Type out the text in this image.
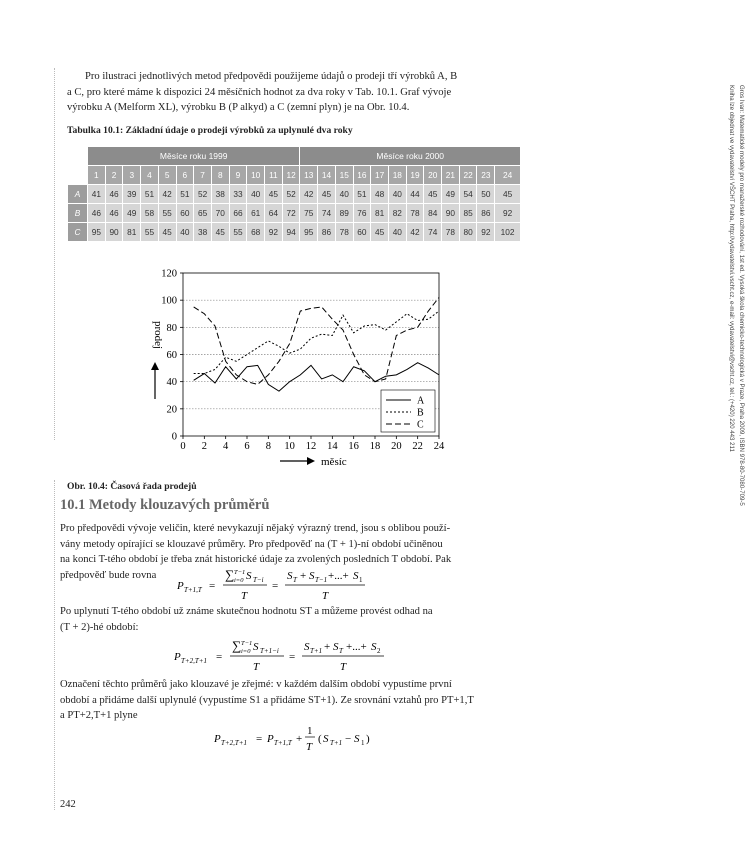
Pro ilustraci jednotlivých metod předpovědi použijeme údajů o prodeji tří výrobků A, B

a C, pro které máme k dispozici 24 měsíčních hodnot za dva roky v Tab. 10.1. Graf vývoje

výrobku A (Melform XL), výrobku B (P alkyd) a C (zemní plyn) je na Obr. 10.4.

Tabulka 10.1: Základní údaje o prodeji výrobků za uplynulé dva roky
	Měsíce roku 1999												Měsíce roku 2000											
	1	2	3	4	5	6	7	8	9	10	11	12	13	14	15	16	17	18	19	20	21	22	23	24
A	41	46	39	51	42	51	52	38	33	40	45	52	42	45	40	51	48	40	44	45	49	54	50	45
B	46	46	49	58	55	60	65	70	66	61	64	72	75	74	89	76	81	82	78	84	90	85	86	92
C	95	90	81	55	45	40	38	45	55	68	92	94	95	86	78	60	45	40	42	74	78	80	92	102
0
20
40
60
80
100
120
0 2 4 6 8 10 12 14 16 18 20 22 24
prodej
měsíc
A
B
C
Obr. 10.4: Časová řada prodejů
10.1 Metody klouzavých průměrů

Pro předpovědi vývoje veličin, které nevykazují nějaký výrazný trend, jsou s oblibou použí-

vány metody opírající se klouzavé průměry. Pro předpověď na (T + 1)-ní období učiněnou

na konci T-tého období je třeba znát historické údaje za zvolených posledních T období. Pak

předpověď bude rovna

P T+1,T =
∑ T−1
i=0 S T−i
T
=
S T + S T−1 +...+ S 1
T

Po uplynutí T-tého období už známe skutečnou hodnotu ST a můžeme provést odhad na

(T + 2)-hé období:

P T+2,T+1 =
∑ T−1
i=0 S T+1−i
T
=
S T+1 + S T +...+ S 2
T

Označení těchto průměrů jako klouzavé je zřejmé: v každém dalším období vypustíme první

období a přidáme další uplynulé (vypustíme S1 a přidáme ST+1). Ze srovnání vztahů pro PT+1,T

a PT+2,T+1 plyne

P T+2,T+1 = P T+1,T +
1
T
( S T+1 − S 1 )
242
Gros Ivan: Matematické modely pro manažerské rozhodování, 1st ed. Vysoká škola chemicko-technologická v Praze, Praha 2009, ISBN 978-80-7080-709-5
Kniha lze objednat ve vydavatelství VŠCHT Praha, http://vydavatelstvi.vscht.cz, e-mail: vydavatelstvi@vscht.cz, tel.: (+420) 220 443 211
